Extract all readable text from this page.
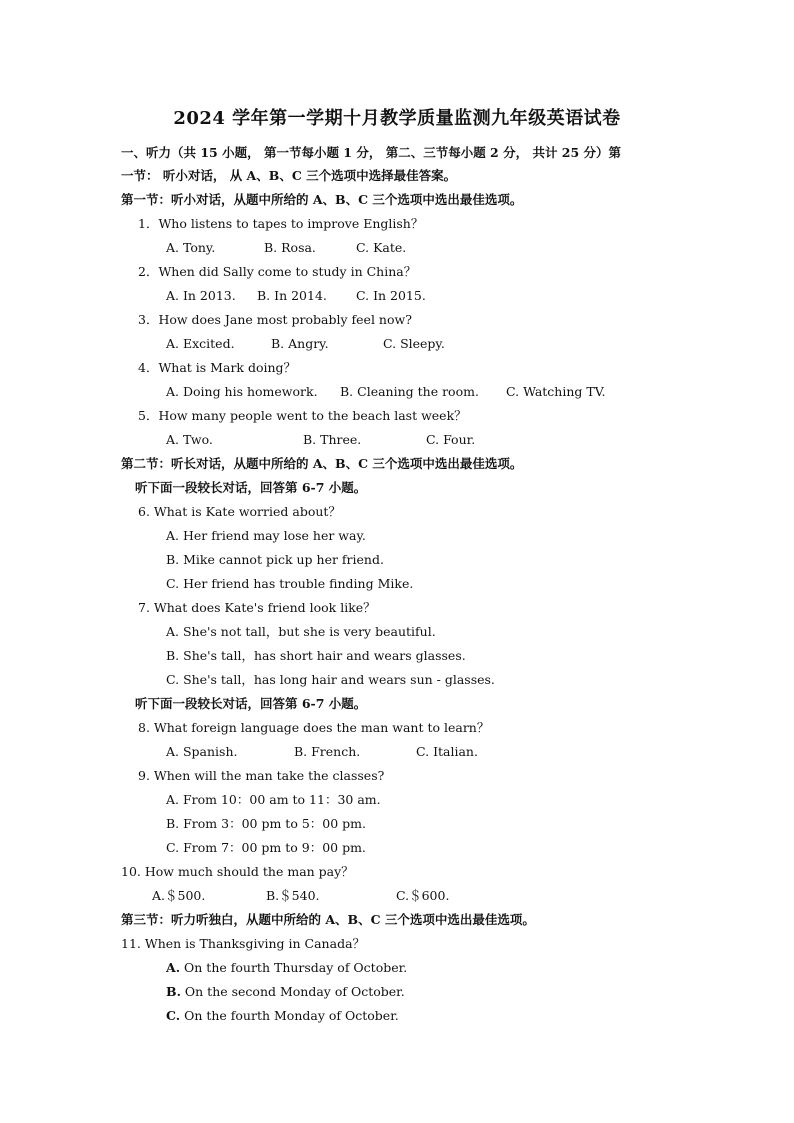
2024 学年第一学期十月教学质量监测九年级英语试卷
一、听力（共 15 小题， 第一节每小题 1 分， 第二、三节每小题 2 分， 共计 25 分）第
一节： 听小对话， 从 A、B、C 三个选项中选择最佳答案。
第一节：听小对话，从题中所给的 A、B、C 三个选项中选出最佳选项。
1．Who listens to tapes to improve English？
A. Tony.	B. Rosa.	C. Kate.
2．When did Sally come to study in China？
A. In 2013. B. In 2014. C. In 2015.
3．How does Jane most probably feel now?
A. Excited.	B. Angry.	C. Sleepy.
4．What is Mark doing？
A. Doing his homework. B. Cleaning the room. C. Watching TV.
5．How many people went to the beach last week？
A. Two.	B. Three.	C. Four.
第二节：听长对话，从题中所给的 A、B、C 三个选项中选出最佳选项。
听下面一段较长对话，回答第 6-7 小题。
6. What is Kate worried about？
A. Her friend may lose her way.
B. Mike cannot pick up her friend.
C. Her friend has trouble finding Mike.
7. What does Kate's friend look like？
A. She's not tall，but she is very beautiful.
B. She's tall，has short hair and wears glasses.
C. She's tall，has long hair and wears sun - glasses.
听下面一段较长对话，回答第 6-7 小题。
8. What foreign language does the man want to learn？
A. Spanish.	B. French.	C. Italian.
9. When will the man take the classes?
A. From 10：00 am to 11：30 am.
B. From 3：00 pm to 5：00 pm.
C. From 7：00 pm to 9：00 pm.
10. How much should the man pay？
A.＄500.	B.＄540.	C.＄600.
第三节：听力听独白，从题中所给的 A、B、C 三个选项中选出最佳选项。
11. When is Thanksgiving in Canada？
A. On the fourth Thursday of October.
B. On the second Monday of October.
C. On the fourth Monday of October.
